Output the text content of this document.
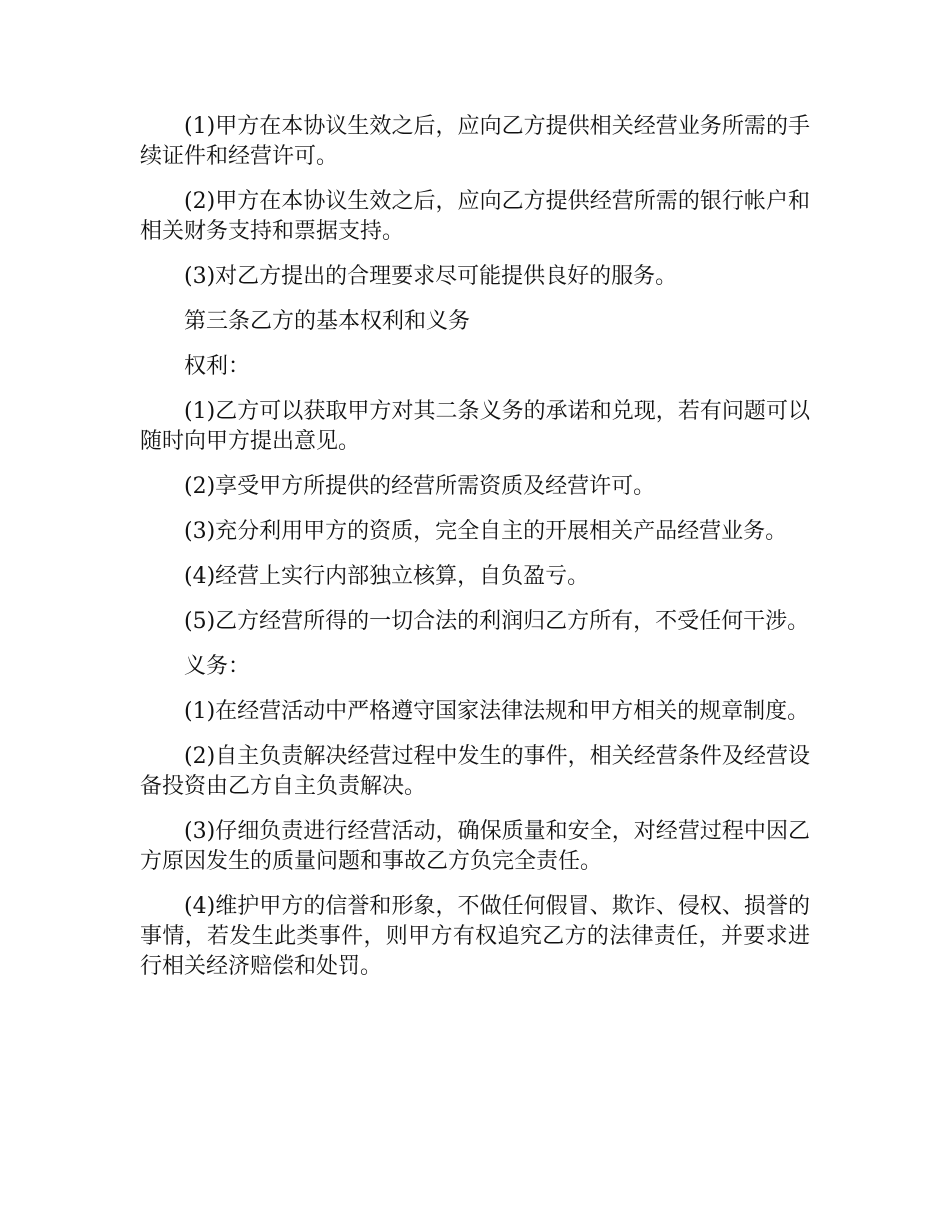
(1)甲方在本协议生效之后，应向乙方提供相关经营业务所需的手续证件和经营许可。

(2)甲方在本协议生效之后，应向乙方提供经营所需的银行帐户和相关财务支持和票据支持。

(3)对乙方提出的合理要求尽可能提供良好的服务。

第三条乙方的基本权利和义务

权利：

(1)乙方可以获取甲方对其二条义务的承诺和兑现，若有问题可以随时向甲方提出意见。

(2)享受甲方所提供的经营所需资质及经营许可。

(3)充分利用甲方的资质，完全自主的开展相关产品经营业务。

(4)经营上实行内部独立核算，自负盈亏。

(5)乙方经营所得的一切合法的利润归乙方所有，不受任何干涉。

义务：

(1)在经营活动中严格遵守国家法律法规和甲方相关的规章制度。

(2)自主负责解决经营过程中发生的事件，相关经营条件及经营设备投资由乙方自主负责解决。

(3)仔细负责进行经营活动，确保质量和安全，对经营过程中因乙方原因发生的质量问题和事故乙方负完全责任。

(4)维护甲方的信誉和形象，不做任何假冒、欺诈、侵权、损誉的事情，若发生此类事件，则甲方有权追究乙方的法律责任，并要求进行相关经济赔偿和处罚。
